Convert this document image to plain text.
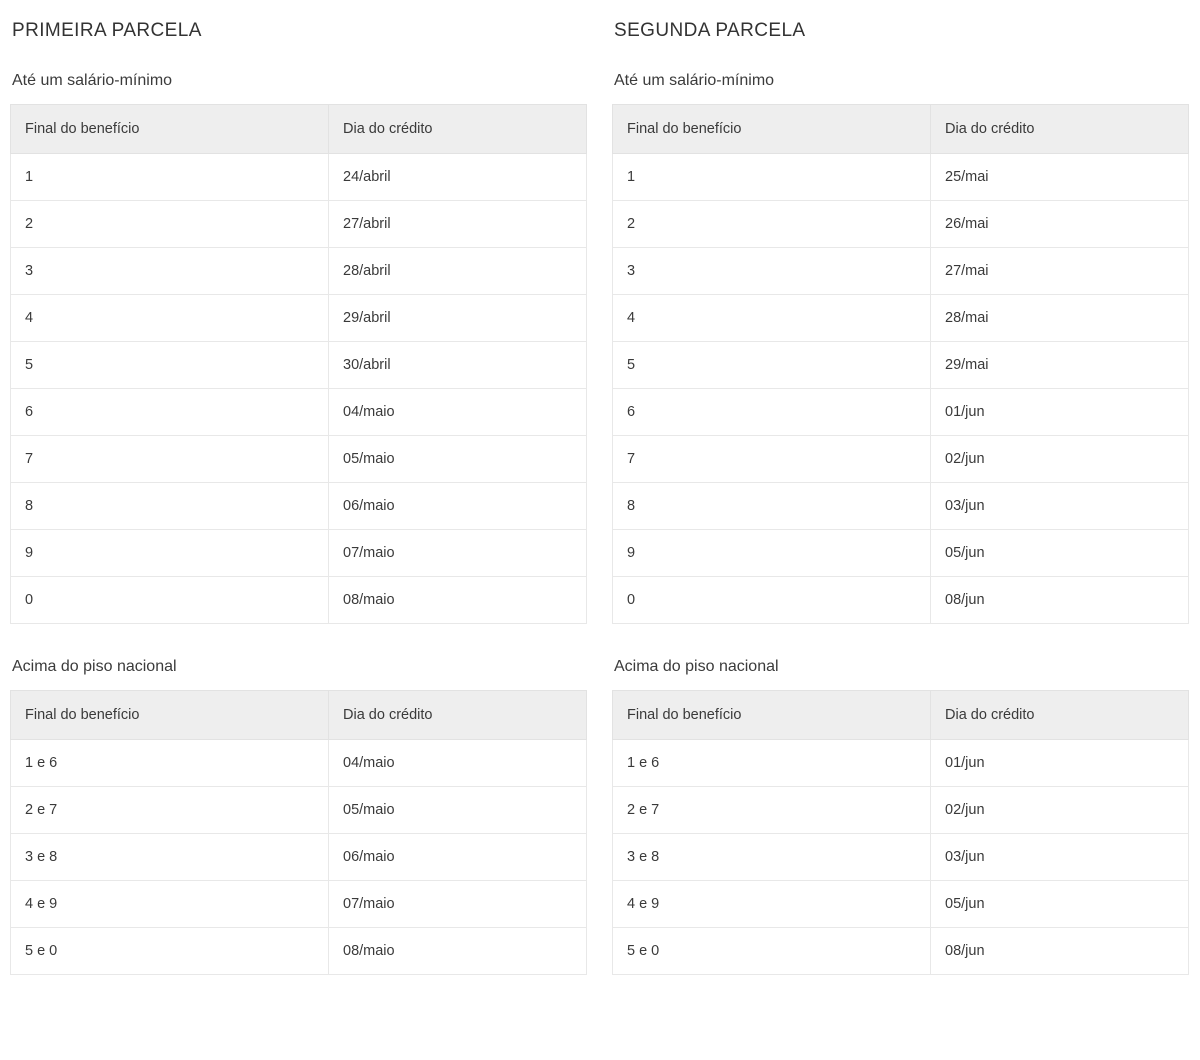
PRIMEIRA PARCELA
Até um salário-mínimo
Final do benefício	Dia do crédito
1	24/abril
2	27/abril
3	28/abril
4	29/abril
5	30/abril
6	04/maio
7	05/maio
8	06/maio
9	07/maio
0	08/maio
Acima do piso nacional
Final do benefício	Dia do crédito
1 e 6	04/maio
2 e 7	05/maio
3 e 8	06/maio
4 e 9	07/maio
5 e 0	08/maio
SEGUNDA PARCELA
Até um salário-mínimo
Final do benefício	Dia do crédito
1	25/mai
2	26/mai
3	27/mai
4	28/mai
5	29/mai
6	01/jun
7	02/jun
8	03/jun
9	05/jun
0	08/jun
Acima do piso nacional
Final do benefício	Dia do crédito
1 e 6	01/jun
2 e 7	02/jun
3 e 8	03/jun
4 e 9	05/jun
5 e 0	08/jun
